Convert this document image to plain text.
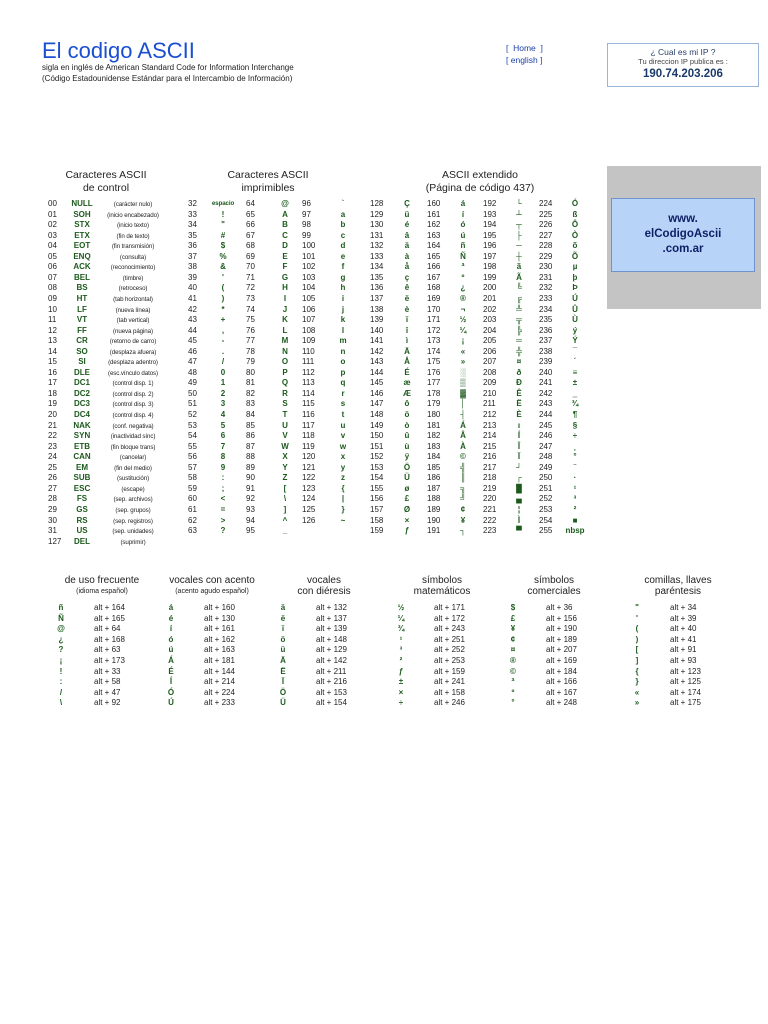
El codigo ASCII
sigla en inglés de American Standard Code for Information Interchange
(Código Estadounidense Estándar para el Intercambio de Información)
[ Home ]
[ english ]
¿ Cual es mi IP ?
Tu direccion IP publica es :
190.74.203.206
www.
elCodigoAscii
.com.ar
Caracteres ASCII
de control
Caracteres ASCII
imprimibles
ASCII extendido
(Página de código 437)
00	NULL	(carácter nulo)
01	SOH	(inicio encabezado)
02	STX	(inicio texto)
03	ETX	(fin de texto)
04	EOT	(fin transmisión)
05	ENQ	(consulta)
06	ACK	(reconocimiento)
07	BEL	(timbre)
08	BS	(retroceso)
09	HT	(tab horizontal)
10	LF	(nueva línea)
11	VT	(tab vertical)
12	FF	(nueva página)
13	CR	(retorno de carro)
14	SO	(desplaza afuera)
15	SI	(desplaza adentro)
16	DLE	(esc.vínculo datos)
17	DC1	(control disp. 1)
18	DC2	(control disp. 2)
19	DC3	(control disp. 3)
20	DC4	(control disp. 4)
21	NAK	(conf. negativa)
22	SYN	(inactividad sínc)
23	ETB	(fin bloque trans)
24	CAN	(cancelar)
25	EM	(fin del medio)
26	SUB	(sustitución)
27	ESC	(escape)
28	FS	(sep. archivos)
29	GS	(sep. grupos)
30	RS	(sep. registros)
31	US	(sep. unidades)
127	DEL	(suprimir)
32 espacio 64	@	96	`
33	!	65	A	97	a
34	"	66	B	98	b
35	#	67	C	99	c
36	$	68	D	100	d
37	%	69	E	101	e
38	&	70	F	102	f
39	'	71	G	103	g
40	(	72	H	104	h
41	)	73	I	105	i
42	*	74	J	106	j
43	+	75	K	107	k
44	,	76	L	108	l
45	-	77	M	109	m
46	.	78	N	110	n
47	/	79	O	111	o
48	0	80	P	112	p
49	1	81	Q	113	q
50	2	82	R	114	r
51	3	83	S	115	s
52	4	84	T	116	t
53	5	85	U	117	u
54	6	86	V	118	v
55	7	87	W	119	w
56	8	88	X	120	x
57	9	89	Y	121	y
58	:	90	Z	122	z
59	;	91	[	123	{
60	<	92	\	124	|
61	=	93	]	125	}
62	>	94	^	126	~
63	?	95	_
128	Ç	160	á	192	└	224	Ó
129	ü	161	í	193	┴	225	ß
130	é	162	ó	194	┬	226	Ô
131	â	163	ú	195	├	227	Ò
132	ä	164	ñ	196	─	228	õ
133	à	165	Ñ	197	┼	229	Õ
134	å	166	ª	198	ã	230	µ
135	ç	167	º	199	Ã	231	þ
136	ê	168	¿	200	╚	232	Þ
137	ë	169	®	201	╔	233	Ú
138	è	170	¬	202	╩	234	Û
139	ï	171	½	203	╦	235	Ù
140	î	172	¼	204	╠	236	ý
141	ì	173	¡	205	═	237	Ý
142	Ä	174	«	206	╬	238	¯
143	Å	175	»	207	¤	239	´
144	É	176	░	208	ð	240	≡
145	æ	177	▒	209	Ð	241	±
146	Æ	178	▓	210	Ê	242	‗
147	ô	179	│	211	Ë	243	¾
148	ö	180	┤	212	È	244	¶
149	ò	181	Á	213	ı	245	§
150	û	182	Â	214	Í	246	÷
151	ù	183	À	215	Î	247	¸
152	ÿ	184	©	216	Ï	248	°
153	Ö	185	╣	217	┘	249	¨
154	Ü	186	║	218	┌	250	·
155	ø	187	╗	219	█	251	¹
156	£	188	╝	220	▄	252	³
157	Ø	189	¢	221	¦	253	²
158	×	190	¥	222	Ì	254	■
159	ƒ	191	┐	223	▀	255 nbsp
de uso frecuente
(idioma español)
ñ	alt + 164
Ñ	alt + 165
@	alt + 64
¿	alt + 168
?	alt + 63
¡	alt + 173
!	alt + 33
:	alt + 58
/	alt + 47
\	alt + 92
vocales con acento
(acento agudo español)
á	alt + 160
é	alt + 130
í	alt + 161
ó	alt + 162
ú	alt + 163
Á	alt + 181
É	alt + 144
Í	alt + 214
Ó	alt + 224
Ú	alt + 233
vocales
con diéresis
ä	alt + 132
ë	alt + 137
ï	alt + 139
ö	alt + 148
ü	alt + 129
Ä	alt + 142
Ë	alt + 211
Ï	alt + 216
Ö	alt + 153
Ü	alt + 154
símbolos
matemáticos
½	alt + 171
¼	alt + 172
¾	alt + 243
¹	alt + 251
³	alt + 252
²	alt + 253
ƒ	alt + 159
±	alt + 241
×	alt + 158
÷	alt + 246
símbolos
comerciales
$	alt + 36
£	alt + 156
¥	alt + 190
¢	alt + 189
¤	alt + 207
®	alt + 169
©	alt + 184
ª	alt + 166
º	alt + 167
°	alt + 248
comillas, llaves
paréntesis
"	alt + 34
'	alt + 39
(	alt + 40
)	alt + 41
[	alt + 91
]	alt + 93
{	alt + 123
}	alt + 125
«	alt + 174
»	alt + 175
